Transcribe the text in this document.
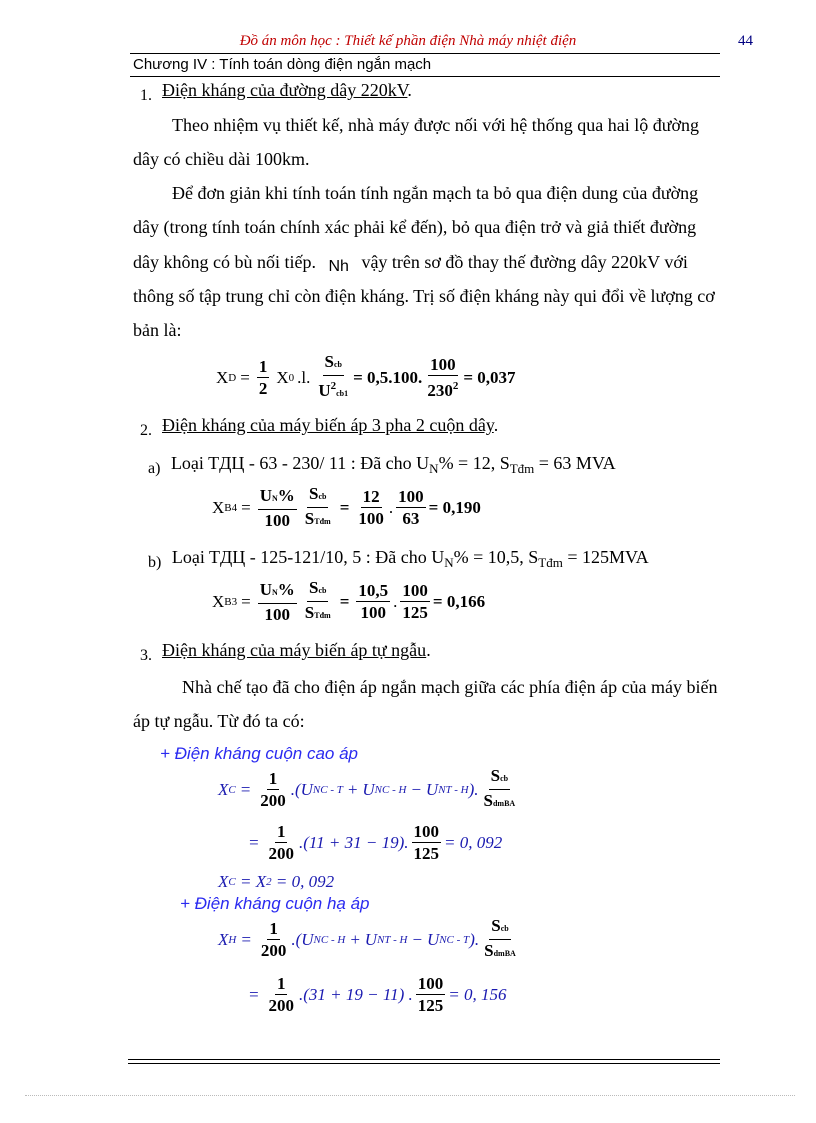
Đồ án môn học : Thiết kế phần điện Nhà máy nhiệt điện	44
Chương IV : Tính toán dòng điện ngắn mạch
1. Điện kháng của đường dây 220kV.
Theo nhiệm vụ thiết kế, nhà máy được nối với hệ thống qua hai lộ đường
dây có chiều dài 100km.
Để đơn giản khi tính toán tính ngắn mạch ta bỏ qua điện dung của đường
dây (trong tính toán chính xác phải kể đến), bỏ qua điện trở và giả thiết đường
dây không có bù nối tiếp. Nh vậy trên sơ đồ thay thế đường dây 220kV với
thông số tập trung chỉ còn điện kháng. Trị số điện kháng này qui đổi về lượng cơ
bản là:
X $D = \frac{1}{2}$ X 0 .l. $\frac{\text{Scb}}{U^2cb1} = 0,5.100$. $\frac{100}{230^2} = 0,037$
2. Điện kháng của máy biến áp 3 pha 2 cuộn dây.
a) Loại TДЦ - 63 - 230/ 11 : Đã cho $U_N\% = 12$, $S_{Tđm} = 63$ MVA
X $B4 = \frac{UN\%}{100} \frac{\text{Scb}}{\text{STđm}} = \frac{12}{100}$ . $\frac{100}{63} = 0,190$
b) Loại TДЦ - 125-121/10, 5 : Đã cho $U_N\% = 10,5$, $S_{Tđm} = 125MVA$
X $B3 = \frac{UN\%}{100} \frac{\text{Scb}}{\text{STđm}} = \frac{10,5}{100}$ . $\frac{100}{125} = 0,166$
3. Điện kháng của máy biến áp tự ngẫu.
Nhà chế tạo đã cho điện áp ngắn mạch giữa các phía điện áp của máy biến
áp tự ngẫu. Từ đó ta có:
+ Điện kháng cuộn cao áp
X $C = \frac{1}{200}$ .( U NC - T + U NC - H − U NT - H ). $\frac{\text{Scb}}{\text{SdmBA}}$
= $\frac{1}{200} .(11 + 31 - 19)$. $\frac{100}{125} = 0$, 092
X C = X 2 = 0, 092
+ Điện kháng cuộn hạ áp
X $H = \frac{1}{200}$ .( U NC - H + U NT - H − U NC - T ). $\frac{\text{Scb}}{\text{SdmBA}}$
= $\frac{1}{200} .(31 + 19 - 11)$ . $\frac{100}{125} = 0$, 156
